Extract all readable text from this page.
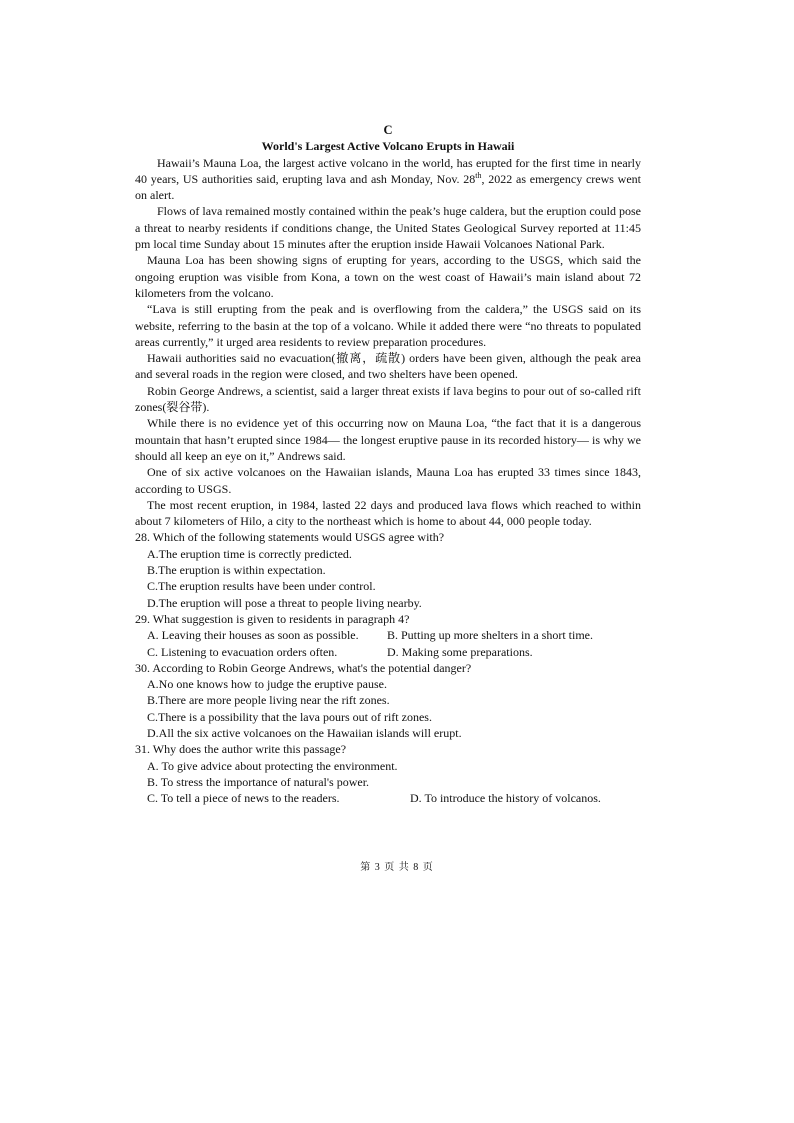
C
World's Largest Active Volcano Erupts in Hawaii

Hawaii’s Mauna Loa, the largest active volcano in the world, has erupted for the first time in nearly 40 years, US authorities said, erupting lava and ash Monday, Nov. 28th, 2022 as emergency crews went on alert.

Flows of lava remained mostly contained within the peak’s huge caldera, but the eruption could pose a threat to nearby residents if conditions change, the United States Geological Survey reported at 11:45 pm local time Sunday about 15 minutes after the eruption inside Hawaii Volcanoes National Park.

Mauna Loa has been showing signs of erupting for years, according to the USGS, which said the ongoing eruption was visible from Kona, a town on the west coast of Hawaii’s main island about 72 kilometers from the volcano.

“Lava is still erupting from the peak and is overflowing from the caldera,” the USGS said on its website, referring to the basin at the top of a volcano. While it added there were “no threats to populated areas currently,” it urged area residents to review preparation procedures.

Hawaii authorities said no evacuation(撤离，疏散) orders have been given, although the peak area and several roads in the region were closed, and two shelters have been opened.

Robin George Andrews, a scientist, said a larger threat exists if lava begins to pour out of so-called rift zones(裂谷带).

While there is no evidence yet of this occurring now on Mauna Loa, “the fact that it is a dangerous mountain that hasn’t erupted since 1984— the longest eruptive pause in its recorded history— is why we should all keep an eye on it,” Andrews said.

One of six active volcanoes on the Hawaiian islands, Mauna Loa has erupted 33 times since 1843, according to USGS.

The most recent eruption, in 1984, lasted 22 days and produced lava flows which reached to within about 7 kilometers of Hilo, a city to the northeast which is home to about 44, 000 people today.

28. Which of the following statements would USGS agree with?
A.The eruption time is correctly predicted.
B.The eruption is within expectation.
C.The eruption results have been under control.
D.The eruption will pose a threat to people living nearby.
29. What suggestion is given to residents in paragraph 4?
A. Leaving their houses as soon as possible.	B. Putting up more shelters in a short time.
C. Listening to evacuation orders often.	D. Making some preparations.
30. According to Robin George Andrews, what's the potential danger?
A.No one knows how to judge the eruptive pause.
B.There are more people living near the rift zones.
C.There is a possibility that the lava pours out of rift zones.
D.All the six active volcanoes on the Hawaiian islands will erupt.
31. Why does the author write this passage?
A. To give advice about protecting the environment.
B. To stress the importance of natural's power.
C. To tell a piece of news to the readers.	D. To introduce the history of volcanos.
第 3 页 共 8 页
